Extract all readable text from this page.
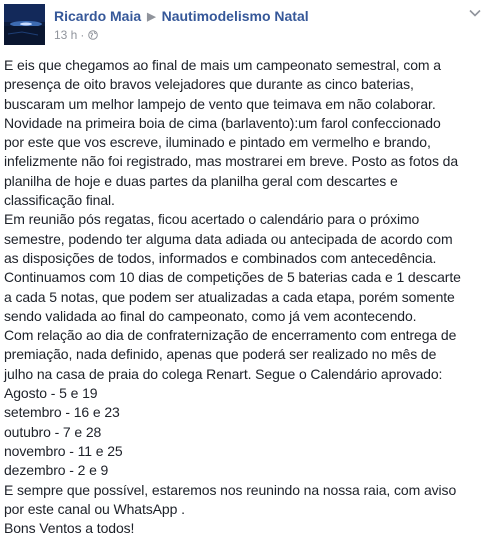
Ricardo Maia ▶ Nautimodelismo Natal
13 h ·
E eis que chegamos ao final de mais um campeonato semestral, com a
presença de oito bravos velejadores que durante as cinco baterias,
buscaram um melhor lampejo de vento que teimava em não colaborar.
Novidade na primeira boia de cima (barlavento):um farol confeccionado
por este que vos escreve, iluminado e pintado em vermelho e brando,
infelizmente não foi registrado, mas mostrarei em breve. Posto as fotos da
planilha de hoje e duas partes da planilha geral com descartes e
classificação final.
Em reunião pós regatas, ficou acertado o calendário para o próximo
semestre, podendo ter alguma data adiada ou antecipada de acordo com
as disposições de todos, informados e combinados com antecedência.
Continuamos com 10 dias de competições de 5 baterias cada e 1 descarte
a cada 5 notas, que podem ser atualizadas a cada etapa, porém somente
sendo validada ao final do campeonato, como já vem acontecendo.
Com relação ao dia de confraternização de encerramento com entrega de
premiação, nada definido, apenas que poderá ser realizado no mês de
julho na casa de praia do colega Renart. Segue o Calendário aprovado:
Agosto - 5 e 19
setembro - 16 e 23
outubro - 7 e 28
novembro - 11 e 25
dezembro - 2 e 9
E sempre que possível, estaremos nos reunindo na nossa raia, com aviso
por este canal ou WhatsApp .
Bons Ventos a todos!
